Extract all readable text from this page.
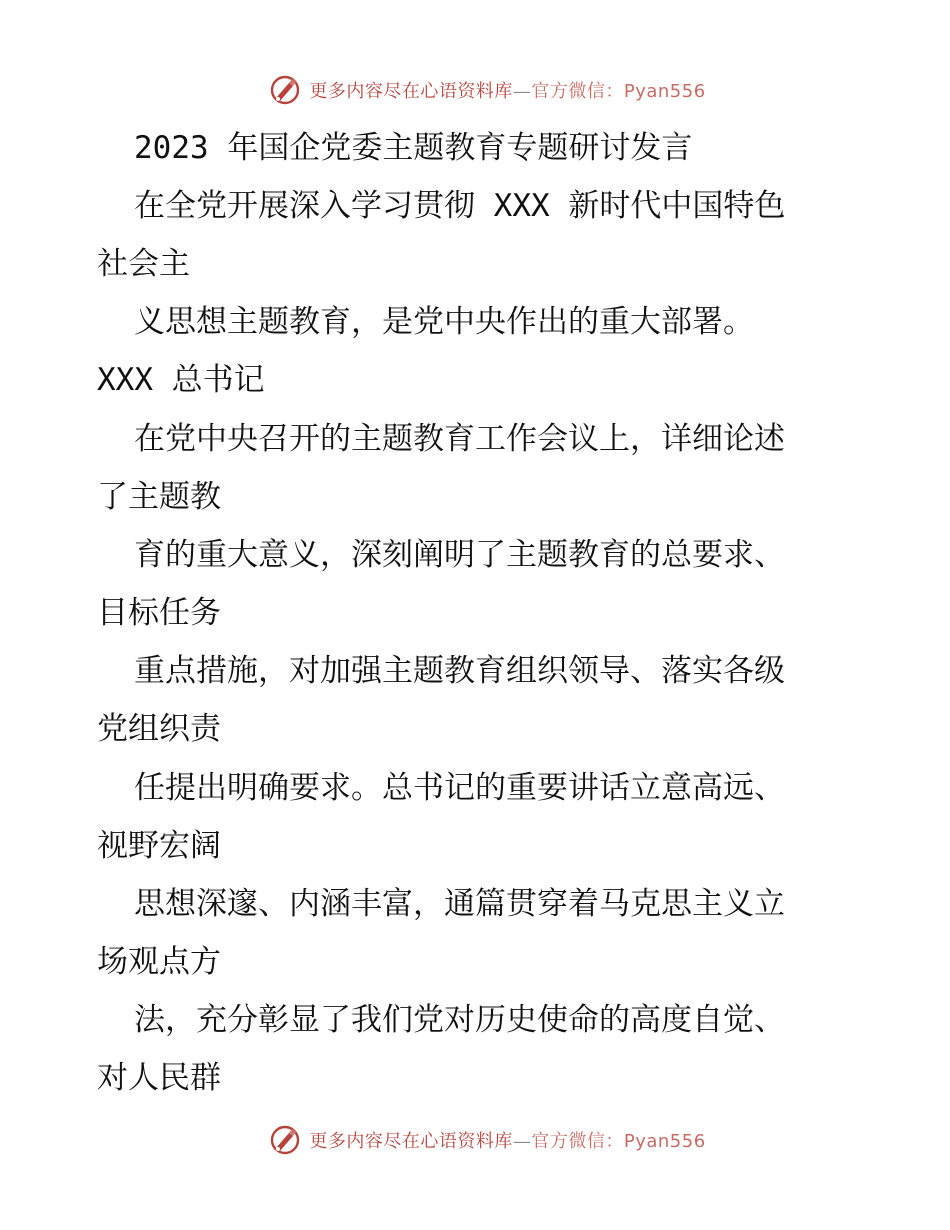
更多内容尽在心语资料库—官方微信：Pyan556
2023 年国企党委主题教育专题研讨发言
在全党开展深入学习贯彻 XXX 新时代中国特色
社会主
义思想主题教育，是党中央作出的重大部署。
XXX 总书记
在党中央召开的主题教育工作会议上，详细论述
了主题教
育的重大意义，深刻阐明了主题教育的总要求、
目标任务
重点措施，对加强主题教育组织领导、落实各级
党组织责
任提出明确要求。总书记的重要讲话立意高远、
视野宏阔
思想深邃、内涵丰富，通篇贯穿着马克思主义立
场观点方
法，充分彰显了我们党对历史使命的高度自觉、
对人民群
更多内容尽在心语资料库—官方微信：Pyan556
